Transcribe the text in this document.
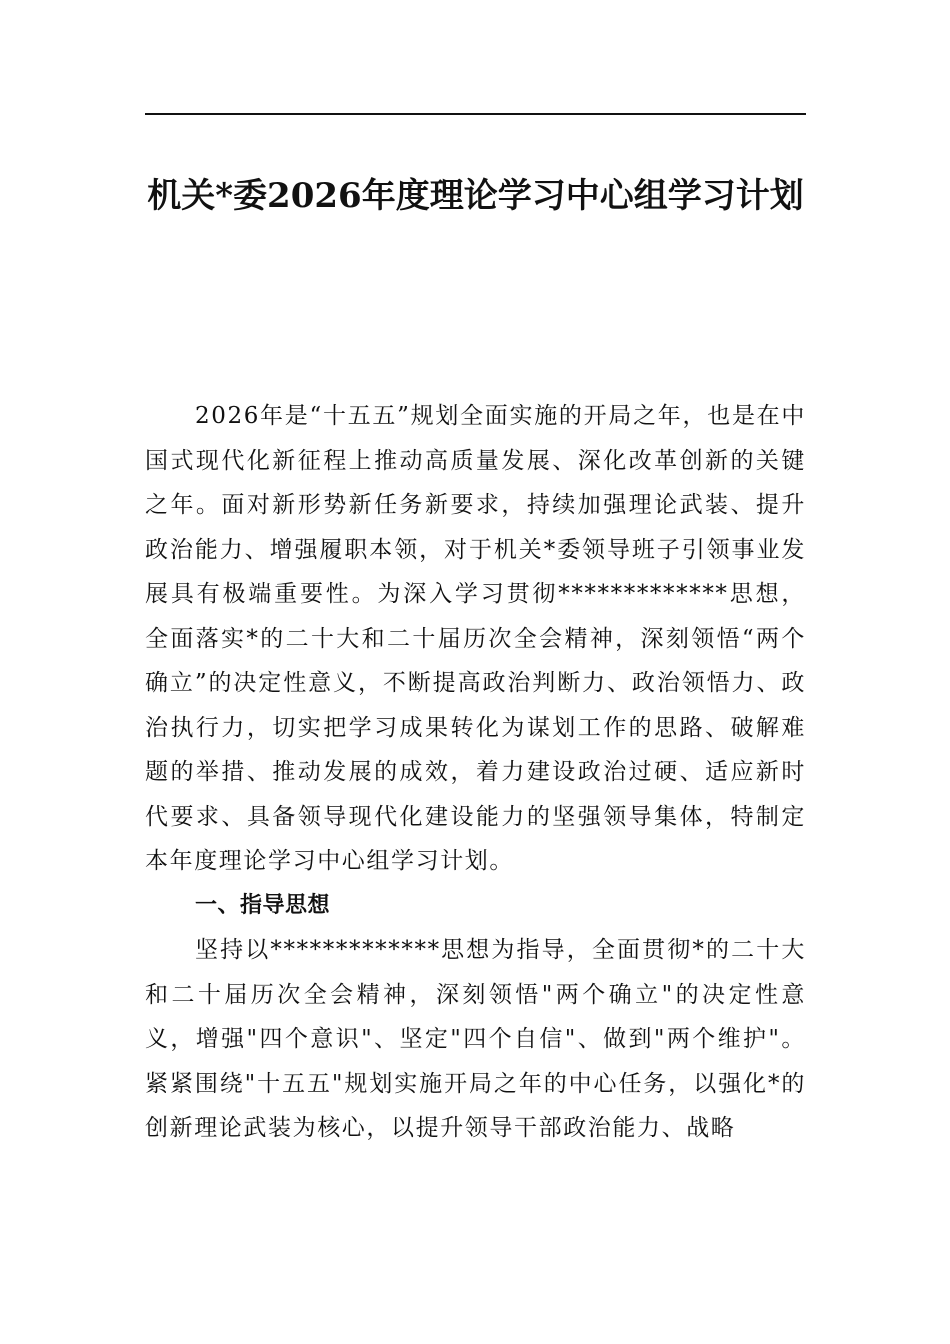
机关*委2026年度理论学习中心组学习计划

2026年是“十五五”规划全面实施的开局之年，也是在中国式现代化新征程上推动高质量发展、深化改革创新的关键之年。面对新形势新任务新要求，持续加强理论武装、提升政治能力、增强履职本领，对于机关*委领导班子引领事业发展具有极端重要性。为深入学习贯彻*************思想，全面落实*的二十大和二十届历次全会精神，深刻领悟“两个确立”的决定性意义，不断提高政治判断力、政治领悟力、政治执行力，切实把学习成果转化为谋划工作的思路、破解难题的举措、推动发展的成效，着力建设政治过硬、适应新时代要求、具备领导现代化建设能力的坚强领导集体，特制定本年度理论学习中心组学习计划。

一、指导思想

坚持以*************思想为指导，全面贯彻*的二十大和二十届历次全会精神，深刻领悟"两个确立"的决定性意义，增强"四个意识"、坚定"四个自信"、做到"两个维护"。紧紧围绕"十五五"规划实施开局之年的中心任务，以强化*的创新理论武装为核心，以提升领导干部政治能力、战略
